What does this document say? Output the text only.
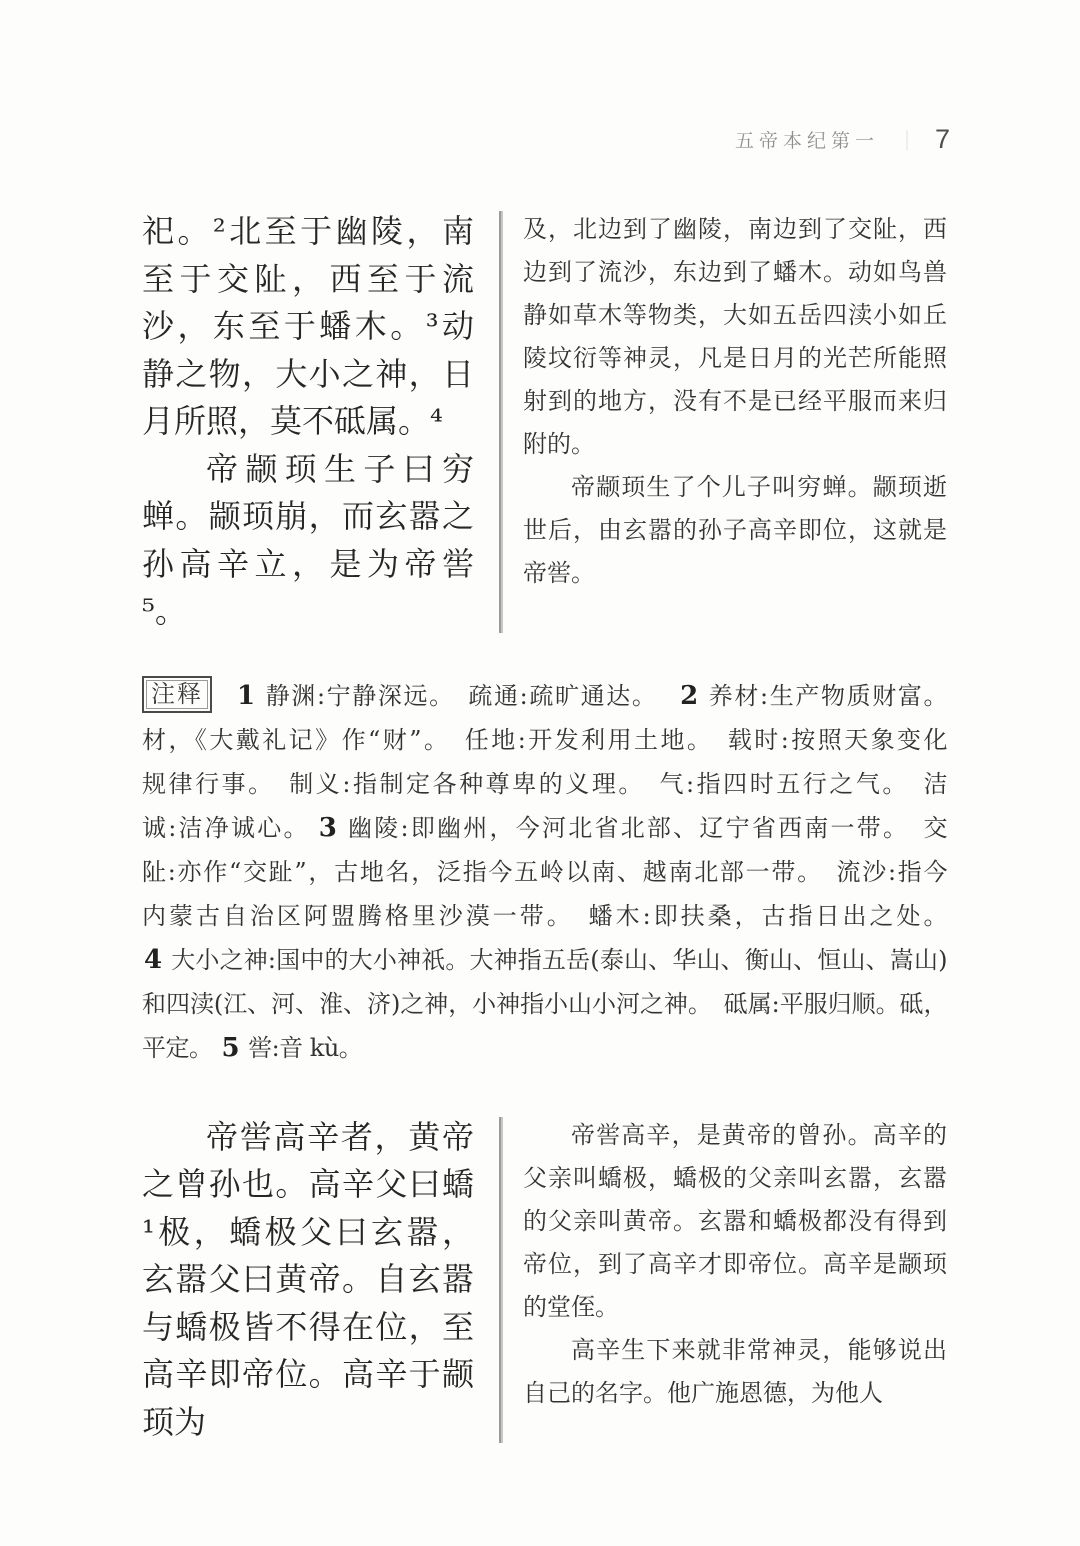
五帝本纪第一 ｜ 7

祀。²北至于幽陵，南至于交阯，西至于流沙，东至于蟠木。³动静之物，大小之神，日月所照，莫不砥属。⁴

帝颛顼生子曰穷蝉。颛顼崩，而玄嚣之孙高辛立，是为帝喾⁵。

及，北边到了幽陵，南边到了交阯，西边到了流沙，东边到了蟠木。动如鸟兽静如草木等物类，大如五岳四渎小如丘陵坟衍等神灵，凡是日月的光芒所能照射到的地方，没有不是已经平服而来归附的。

帝颛顼生了个儿子叫穷蝉。颛顼逝世后，由玄嚣的孙子高辛即位，这就是帝喾。

注释 1 静渊:宁静深远。　疏通:疏旷通达。　2 养材:生产物质财富。
材，《大戴礼记》作“财”。　任地:开发利用土地。　载时:按照天象变化
规律行事。　制义:指制定各种尊卑的义理。　气:指四时五行之气。　洁
诚:洁净诚心。 3 幽陵:即幽州，今河北省北部、辽宁省西南一带。　交
阯:亦作“交趾”，古地名，泛指今五岭以南、越南北部一带。　流沙:指今
内蒙古自治区阿盟腾格里沙漠一带。　蟠木:即扶桑，古指日出之处。
4 大小之神:国中的大小神祇。大神指五岳(泰山、华山、衡山、恒山、嵩山)
和四渎(江、河、淮、济)之神，小神指小山小河之神。　砥属:平服归顺。砥，
平定。 5 喾:音 kù。

帝喾高辛者，黄帝之曾孙也。高辛父曰蟜¹极，蟜极父曰玄嚣，玄嚣父曰黄帝。自玄嚣与蟜极皆不得在位，至高辛即帝位。高辛于颛顼为

帝喾高辛，是黄帝的曾孙。高辛的父亲叫蟜极，蟜极的父亲叫玄嚣，玄嚣的父亲叫黄帝。玄嚣和蟜极都没有得到帝位，到了高辛才即帝位。高辛是颛顼的堂侄。

高辛生下来就非常神灵，能够说出自己的名字。他广施恩德，为他人
